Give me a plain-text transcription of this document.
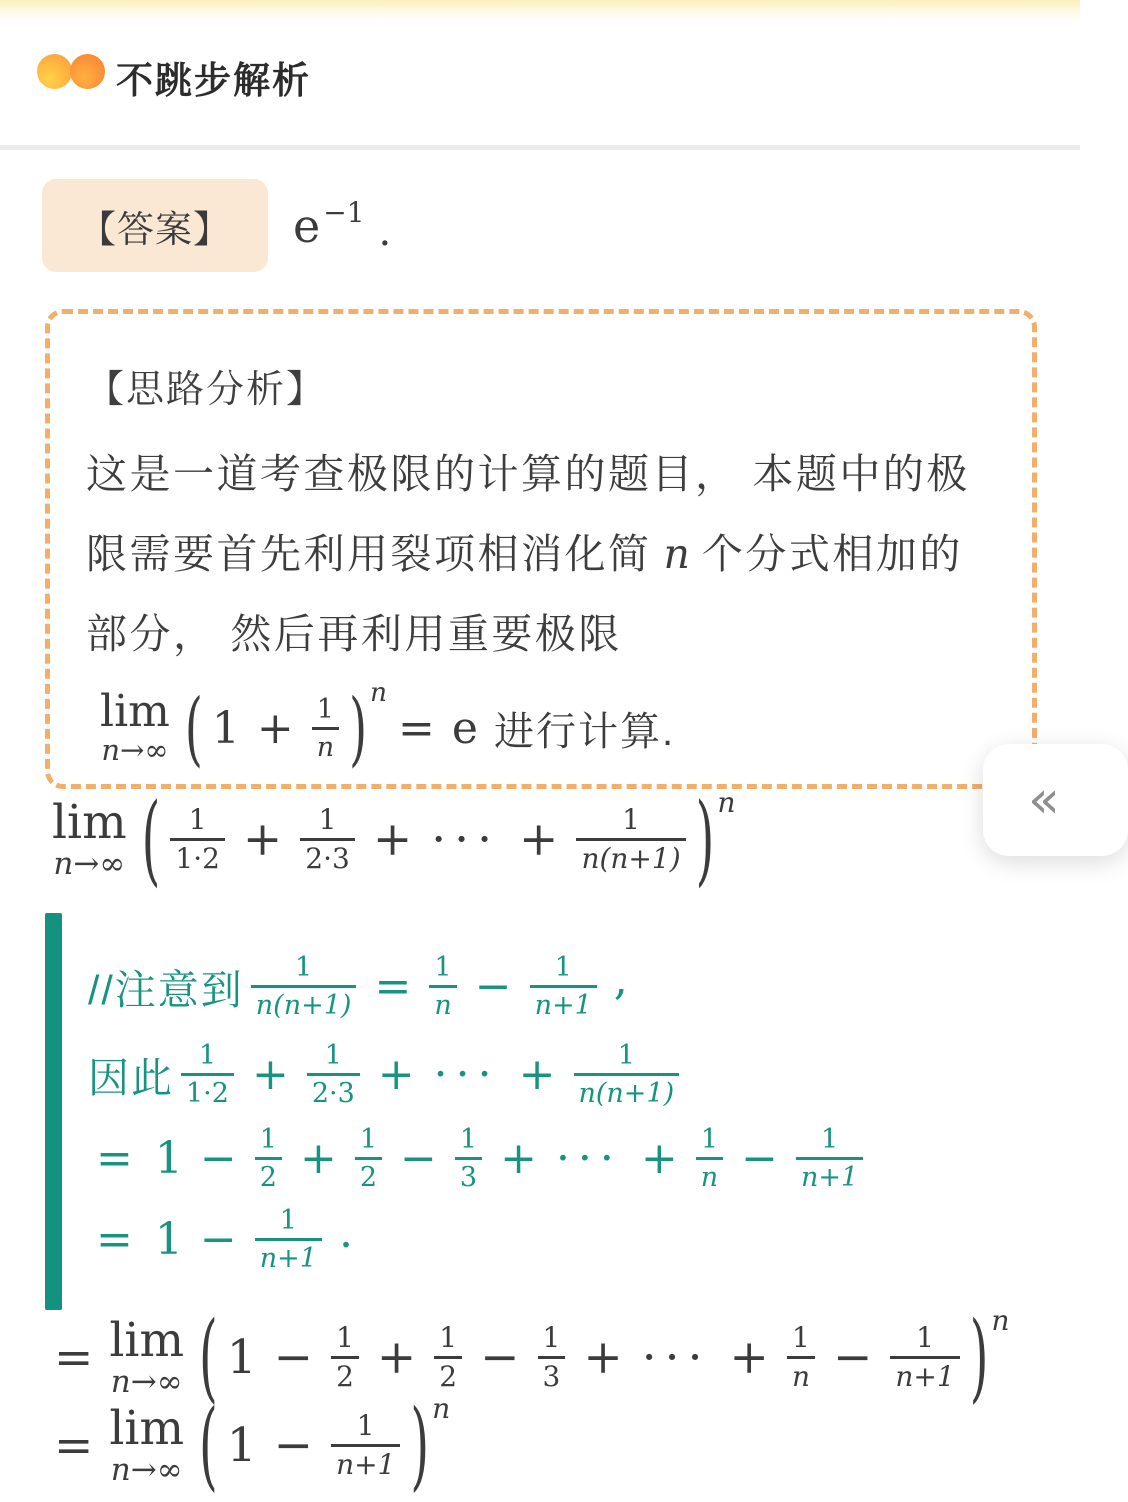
不跳步解析
【答案】	e −1 .
【思路分析】
这是一道考查极限的计算的题目， 本题中的极
限需要首先利用裂项相消化简 n 个分式相加的
部分， 然后再利用重要极限
lim
n→∞ ( $1 + \frac{1}{n}$ ) n
= e 进行计算.
«
lim
n→∞ ( $\frac{1}{1\cdot 2} + \frac{1}{2\cdot 3}$ + ··· + $\frac{1}{n(n+1)}$ ) n
//注意到 $\frac{1}{n(n+1)} = \frac{1}{n} - \frac{1}{n+1}$ ,
因此 $\frac{1}{1\cdot 2} + \frac{1}{2\cdot 3}$ + ··· + $\frac{1}{n(n+1)}$
= $1 - \frac{1}{2} + \frac{1}{2} - \frac{1}{3}$ + ··· + $\frac{1}{n} - \frac{1}{n+1}$
= $1 - \frac{1}{n+1}$ .
= lim
n→∞ ( $1 - \frac{1}{2} + \frac{1}{2} - \frac{1}{3}$ + ··· + $\frac{1}{n} - \frac{1}{n+1}$ ) n
= lim
n→∞ ( $1 - \frac{1}{n+1}$ ) n
